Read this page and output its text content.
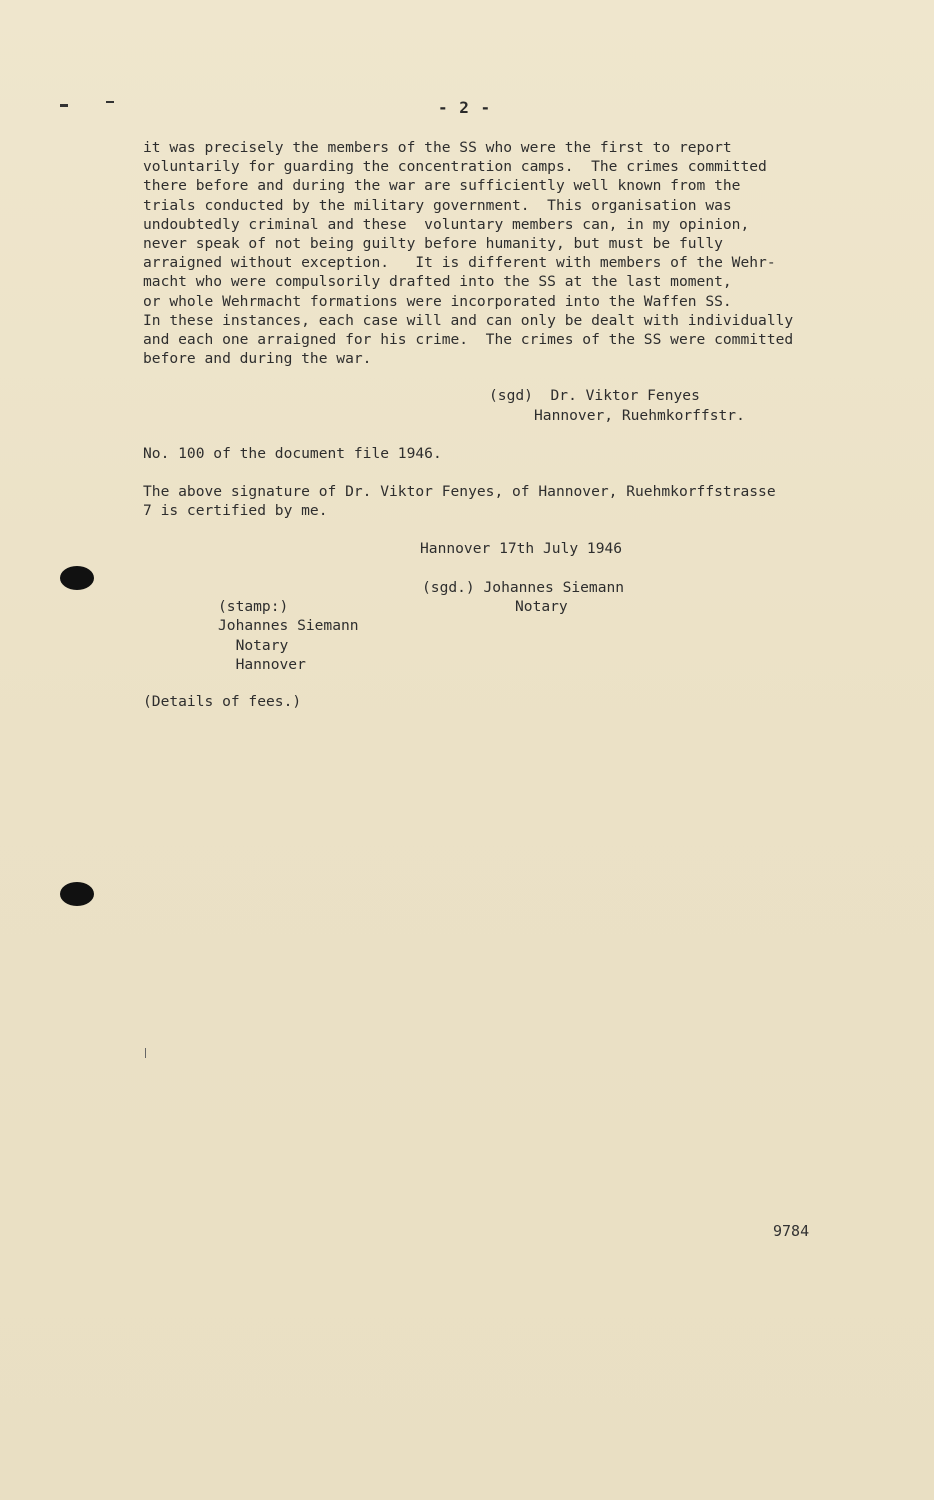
- 2 -
it was precisely the members of the SS who were the first to report
voluntarily for guarding the concentration camps.  The crimes committed
there before and during the war are sufficiently well known from the
trials conducted by the military government.  This organisation was
undoubtedly criminal and these  voluntary members can, in my opinion,
never speak of not being guilty before humanity, but must be fully
arraigned without exception.   It is different with members of the Wehr-
macht who were compulsorily drafted into the SS at the last moment,
or whole Wehrmacht formations were incorporated into the Waffen SS.
In these instances, each case will and can only be dealt with individually
and each one arraigned for his crime.  The crimes of the SS were committed
before and during the war.
(sgd)  Dr. Viktor Fenyes
Hannover, Ruehmkorffstr.
No. 100 of the document file 1946.
The above signature of Dr. Viktor Fenyes, of Hannover, Ruehmkorffstrasse
7 is certified by me.
Hannover 17th July 1946
(sgd.) Johannes Siemann
Notary
(stamp:)
Johannes Siemann
Notary
Hannover
(Details of fees.)
9784
